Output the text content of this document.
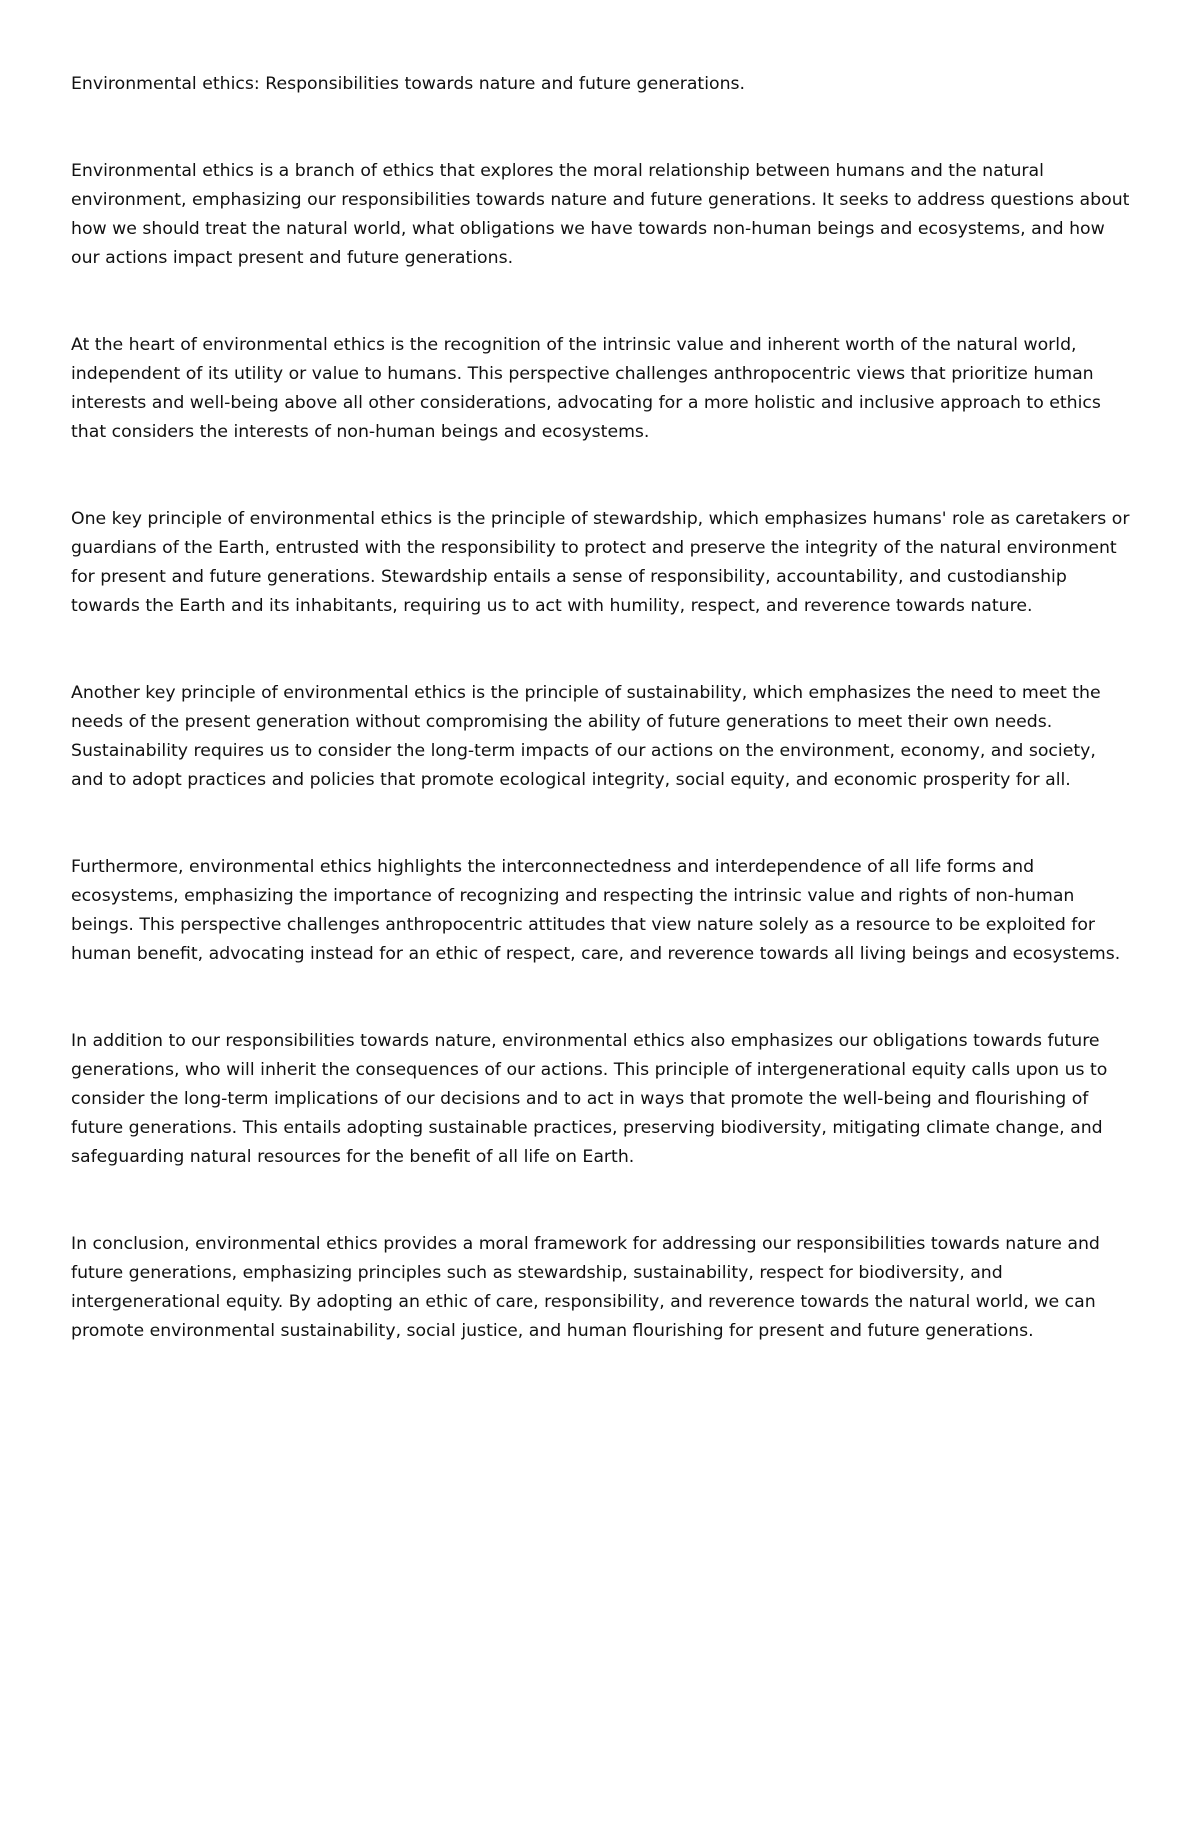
Environmental ethics: Responsibilities towards nature and future generations.

Environmental ethics is a branch of ethics that explores the moral relationship between humans and the natural environment, emphasizing our responsibilities towards nature and future generations. It seeks to address questions about how we should treat the natural world, what obligations we have towards non-human beings and ecosystems, and how our actions impact present and future generations.

At the heart of environmental ethics is the recognition of the intrinsic value and inherent worth of the natural world, independent of its utility or value to humans. This perspective challenges anthropocentric views that prioritize human interests and well-being above all other considerations, advocating for a more holistic and inclusive approach to ethics that considers the interests of non-human beings and ecosystems.

One key principle of environmental ethics is the principle of stewardship, which emphasizes humans' role as caretakers or guardians of the Earth, entrusted with the responsibility to protect and preserve the integrity of the natural environment for present and future generations. Stewardship entails a sense of responsibility, accountability, and custodianship towards the Earth and its inhabitants, requiring us to act with humility, respect, and reverence towards nature.

Another key principle of environmental ethics is the principle of sustainability, which emphasizes the need to meet the needs of the present generation without compromising the ability of future generations to meet their own needs. Sustainability requires us to consider the long-term impacts of our actions on the environment, economy, and society, and to adopt practices and policies that promote ecological integrity, social equity, and economic prosperity for all.

Furthermore, environmental ethics highlights the interconnectedness and interdependence of all life forms and ecosystems, emphasizing the importance of recognizing and respecting the intrinsic value and rights of non-human beings. This perspective challenges anthropocentric attitudes that view nature solely as a resource to be exploited for human benefit, advocating instead for an ethic of respect, care, and reverence towards all living beings and ecosystems.

In addition to our responsibilities towards nature, environmental ethics also emphasizes our obligations towards future generations, who will inherit the consequences of our actions. This principle of intergenerational equity calls upon us to consider the long-term implications of our decisions and to act in ways that promote the well-being and flourishing of future generations. This entails adopting sustainable practices, preserving biodiversity, mitigating climate change, and safeguarding natural resources for the benefit of all life on Earth.

In conclusion, environmental ethics provides a moral framework for addressing our responsibilities towards nature and future generations, emphasizing principles such as stewardship, sustainability, respect for biodiversity, and intergenerational equity. By adopting an ethic of care, responsibility, and reverence towards the natural world, we can promote environmental sustainability, social justice, and human flourishing for present and future generations.
